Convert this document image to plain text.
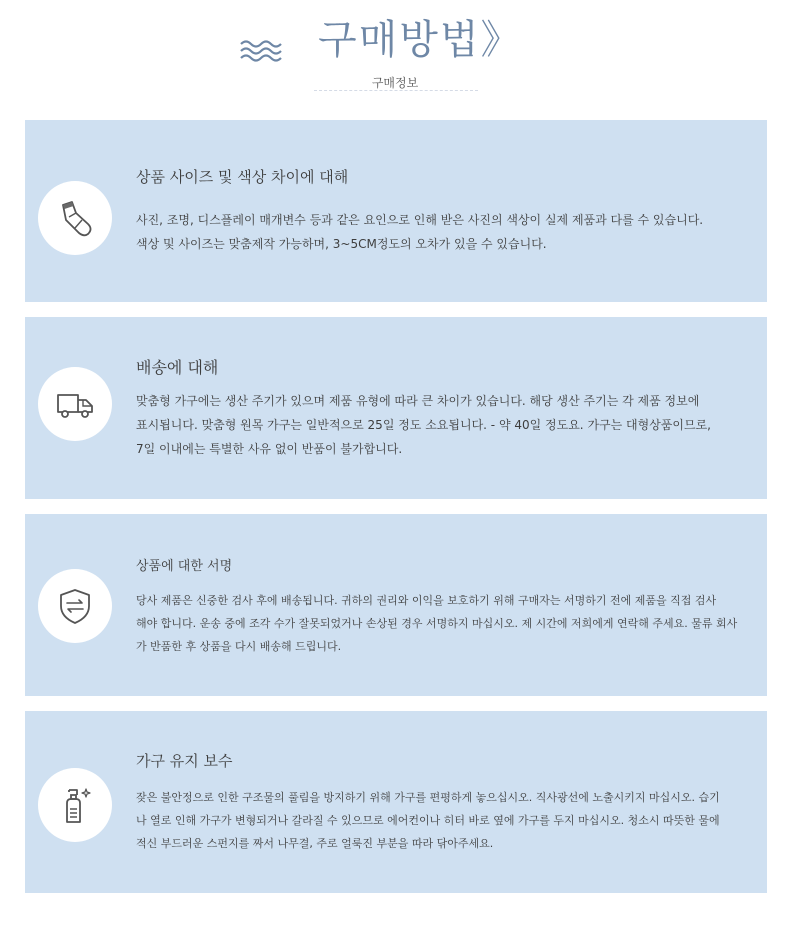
구매방법》
구매정보
상품 사이즈 및 색상 차이에 대해

사진, 조명, 디스플레이 매개변수 등과 같은 요인으로 인해 받은 사진의 색상이 실제 제품과 다를 수 있습니다.

색상 및 사이즈는 맞춤제작 가능하며, 3~5CM정도의 오차가 있을 수 있습니다.

배송에 대해

맞춤형 가구에는 생산 주기가 있으며 제품 유형에 따라 큰 차이가 있습니다. 해당 생산 주기는 각 제품 정보에

표시됩니다. 맞춤형 원목 가구는 일반적으로 25일 정도 소요됩니다. - 약 40일 정도요. 가구는 대형상품이므로,

7일 이내에는 특별한 사유 없이 반품이 불가합니다.

상품에 대한 서명

당사 제품은 신중한 검사 후에 배송됩니다. 귀하의 권리와 이익을 보호하기 위해 구매자는 서명하기 전에 제품을 직접 검사

해야 합니다. 운송 중에 조각 수가 잘못되었거나 손상된 경우 서명하지 마십시오. 제 시간에 저희에게 연락해 주세요. 물류 회사

가 반품한 후 상품을 다시 배송해 드립니다.

가구 유지 보수

잦은 불안정으로 인한 구조물의 풀림을 방지하기 위해 가구를 편평하게 놓으십시오. 직사광선에 노출시키지 마십시오. 습기

나 열로 인해 가구가 변형되거나 갈라질 수 있으므로 에어컨이나 히터 바로 옆에 가구를 두지 마십시오. 청소시 따뜻한 물에

적신 부드러운 스펀지를 짜서 나무결, 주로 얼룩진 부분을 따라 닦아주세요.
